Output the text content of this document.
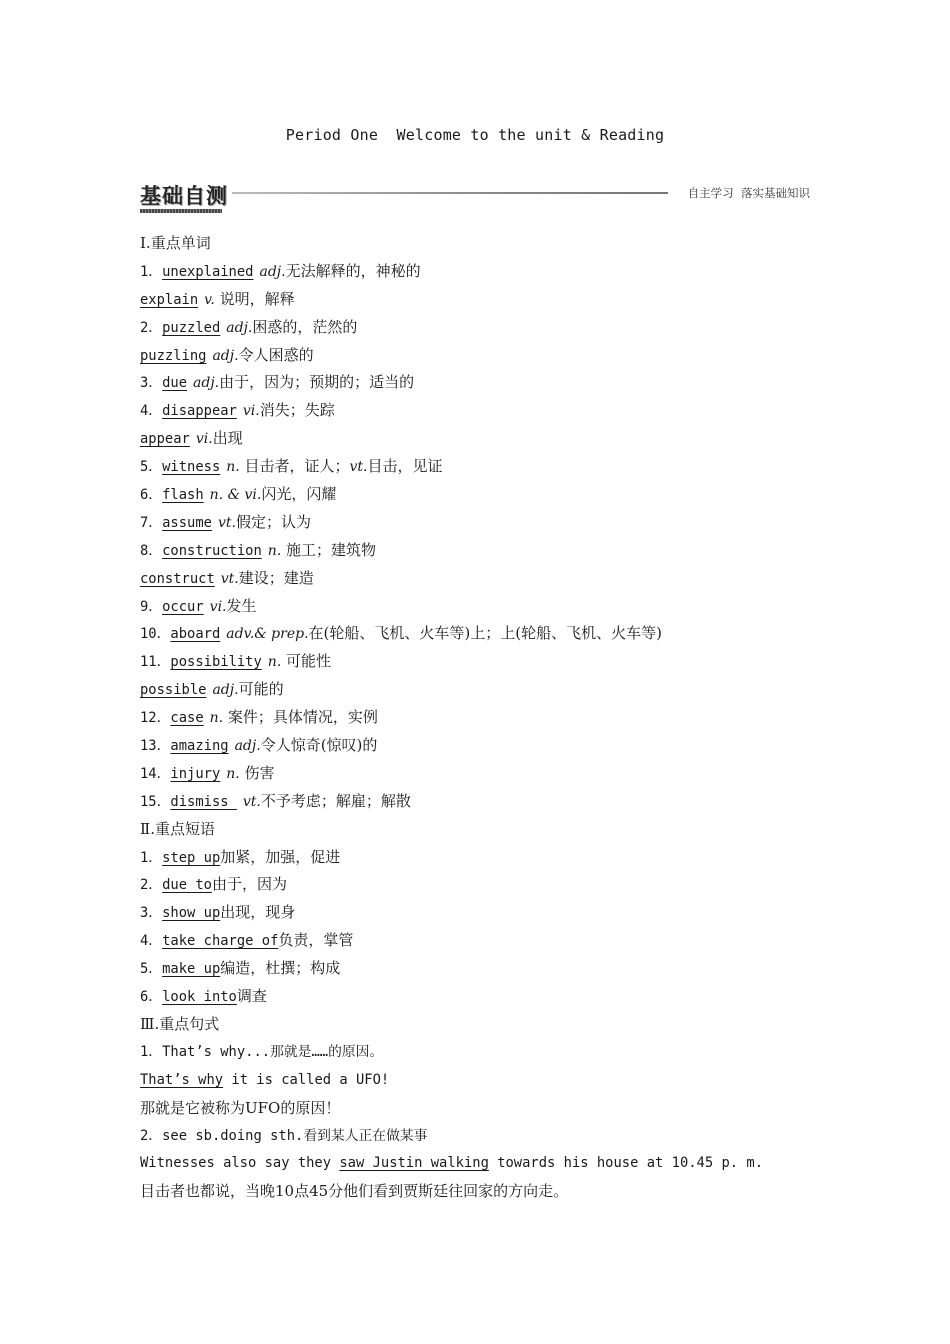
Period One  Welcome to the unit & Reading
基础自测	自主学习  落实基础知识
Ⅰ.重点单词
1．unexplained adj.无法解释的，神秘的
explain v. 说明，解释
2．puzzled adj.困惑的，茫然的
puzzling adj.令人困惑的
3．due adj.由于，因为；预期的；适当的
4．disappear vi.消失；失踪
appear vi.出现
5．witness n. 目击者，证人；vt.目击，见证
6．flash n. & vi.闪光，闪耀
7．assume vt.假定；认为
8．construction n. 施工；建筑物
construct vt.建设；建造
9．occur vi.发生
10．aboard adv.& prep.在(轮船、飞机、火车等)上；上(轮船、飞机、火车等)
11．possibility n. 可能性
possible adj.可能的
12．case n. 案件；具体情况，实例
13．amazing adj.令人惊奇(惊叹)的
14．injury n. 伤害
15．dismiss vt.不予考虑；解雇；解散
Ⅱ.重点短语
1．step up加紧，加强，促进
2．due to由于，因为
3．show up出现，现身
4．take charge of负责，掌管
5．make up编造，杜撰；构成
6．look into调查
Ⅲ.重点句式
1．That’s why...那就是……的原因。
That’s why it is called a UFO!
那就是它被称为UFO的原因！
2．see sb.doing sth.看到某人正在做某事
Witnesses also say they saw Justin walking towards his house at 10.45 p. m.
目击者也都说，当晚10点45分他们看到贾斯廷往回家的方向走。
